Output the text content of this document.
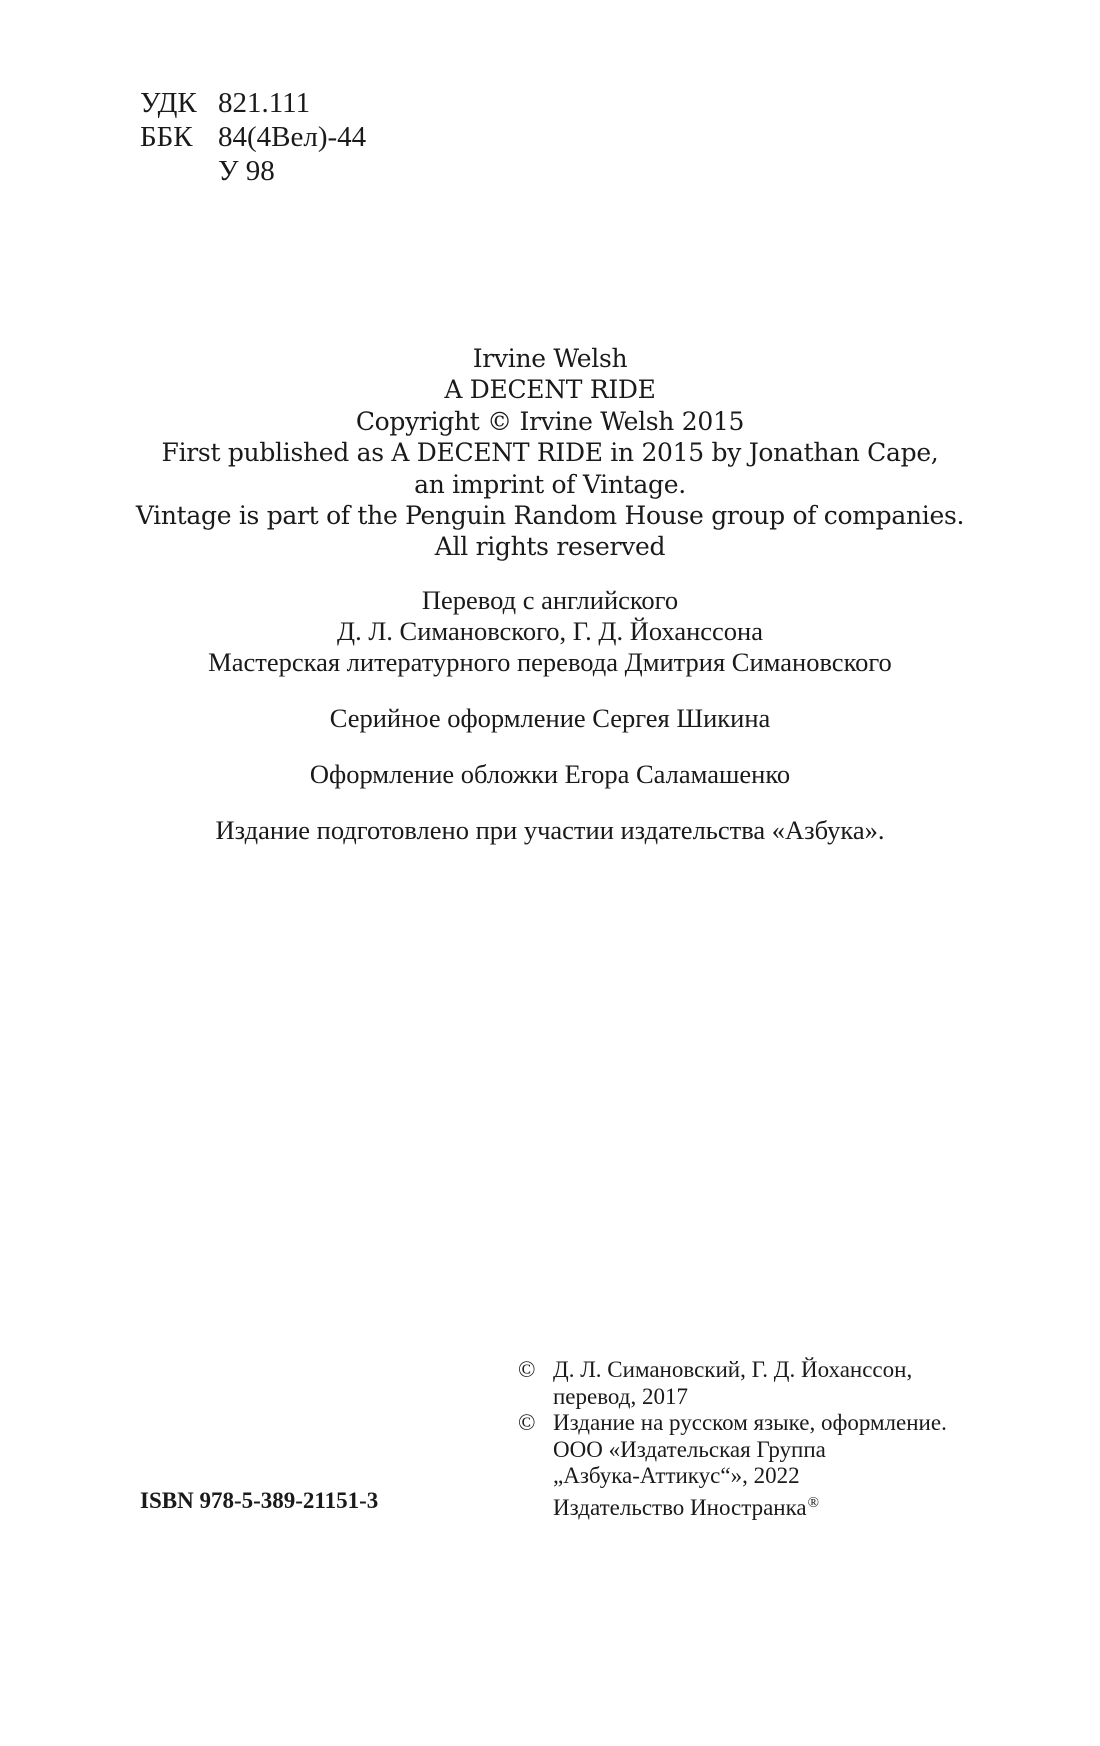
УДК 821.111
ББК 84(4Вел)-44
У 98
Irvine Welsh
A DECENT RIDE
Copyright © Irvine Welsh 2015
First published as A DECENT RIDE in 2015 by Jonathan Cape,
an imprint of Vintage.
Vintage is part of the Penguin Random House group of companies.
All rights reserved
Перевод с английского
Д. Л. Симановского, Г. Д. Йохансcона
Мастерская литературного перевода Дмитрия Симановского
Серийное оформление Сергея Шикина
Оформление обложки Егора Саламашенко
Издание подготовлено при участии издательства «Азбука».
ISBN 978-5-389-21151-3
© Д. Л. Симановский, Г. Д. Йохансcон,
перевод, 2017
© Издание на русском языке, оформление.
ООО «Издательская Группа
„Азбука-Аттикус“», 2022
Издательство Иностранка®
